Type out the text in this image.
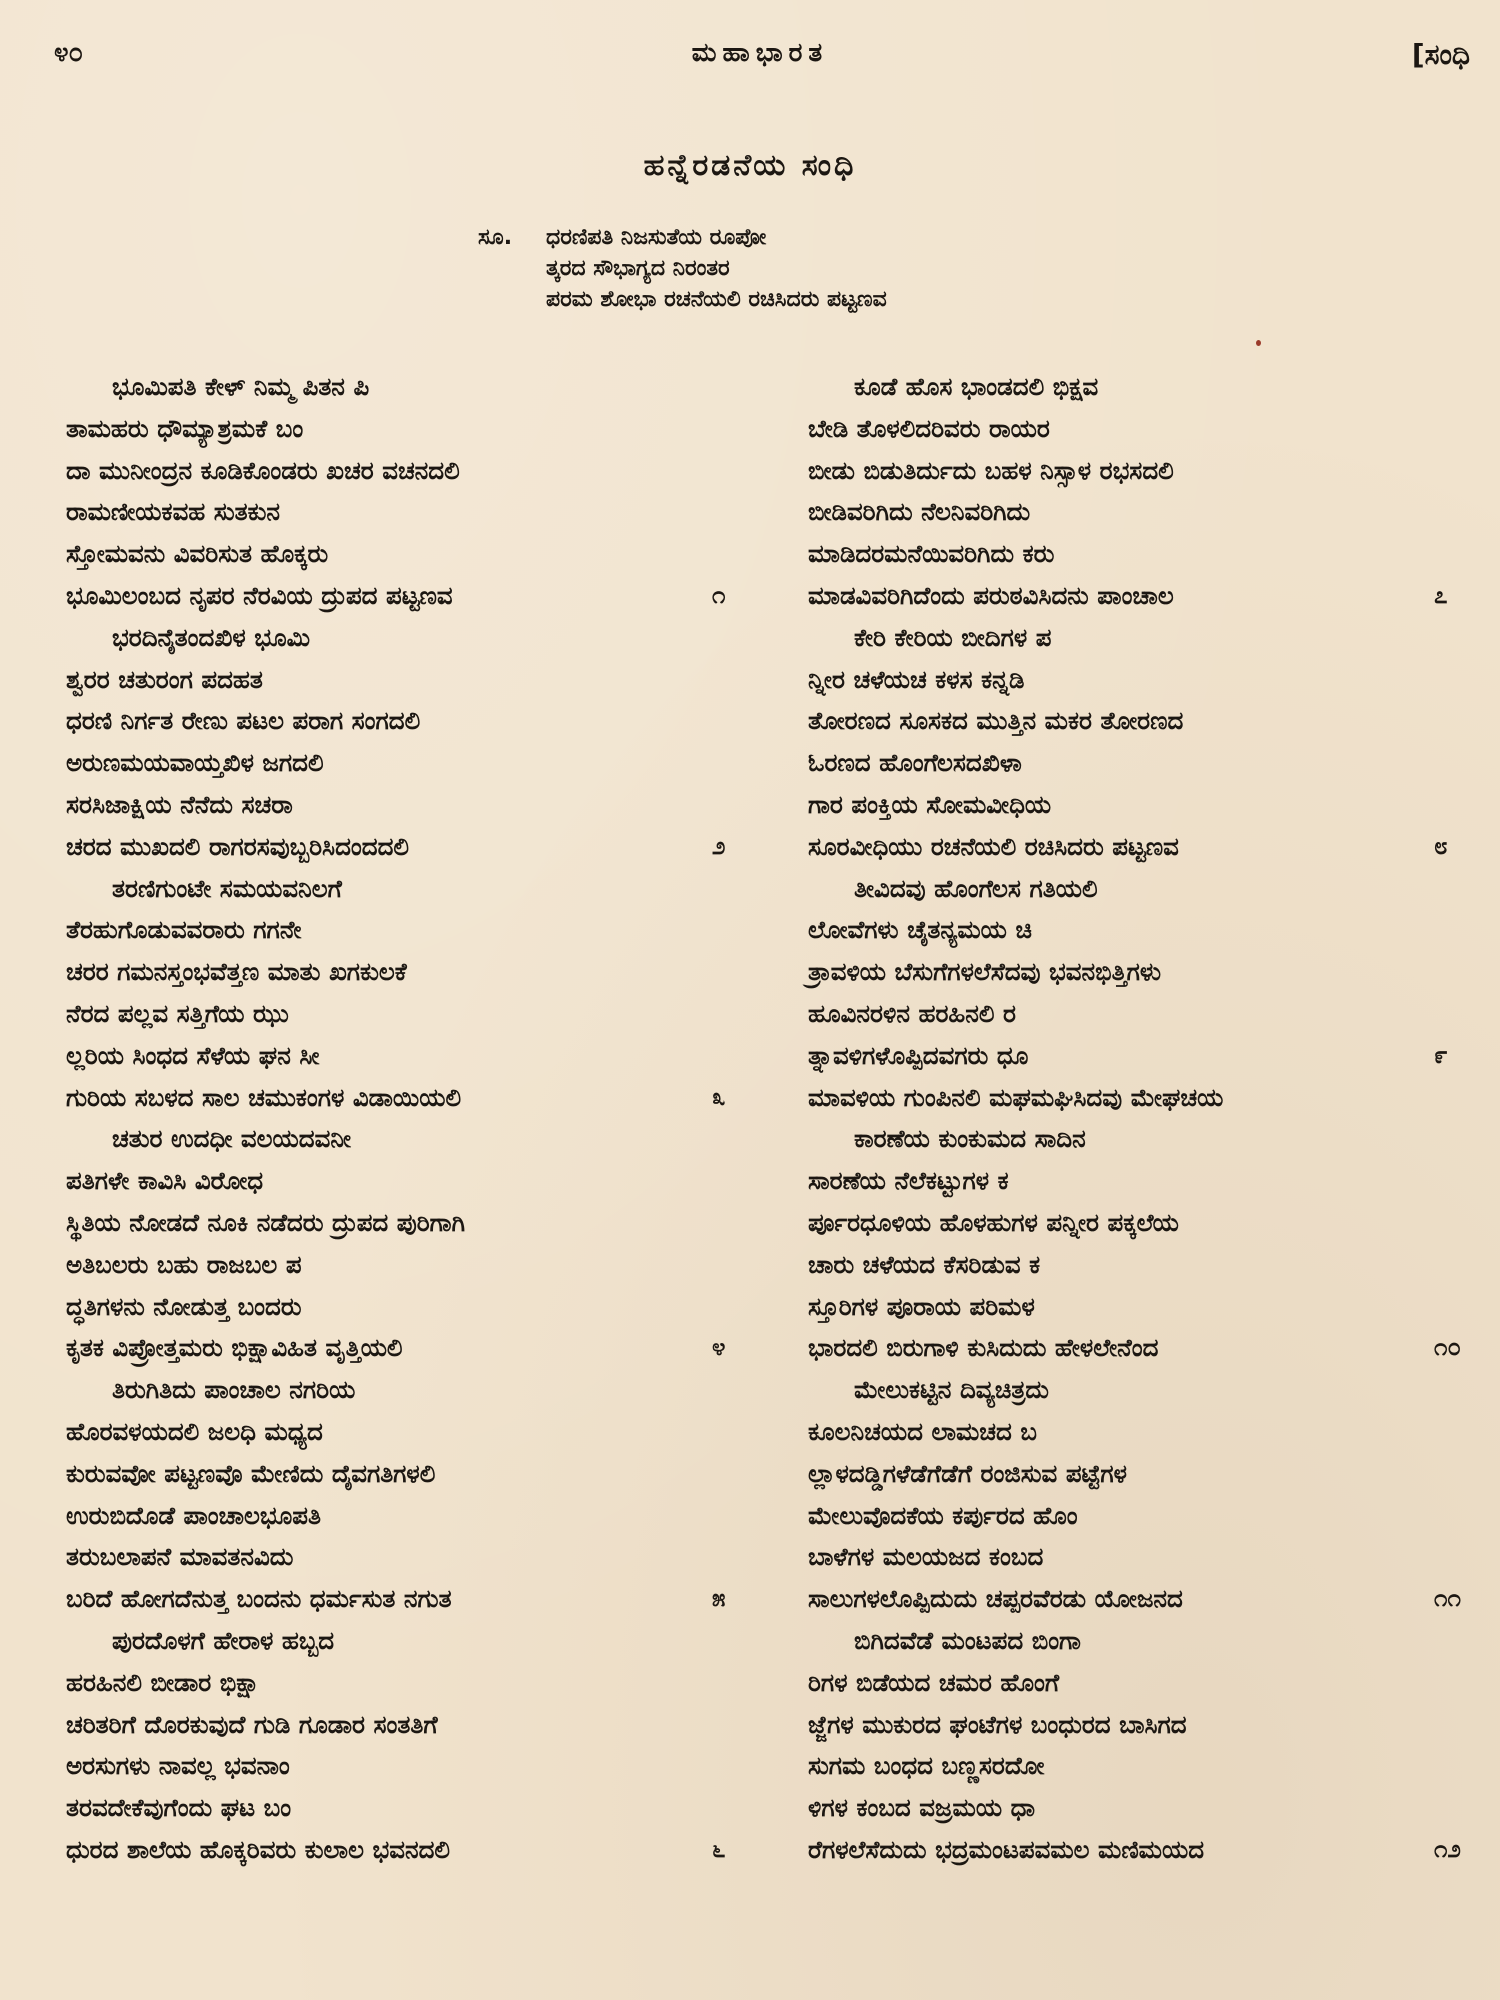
೪೦	ಮಹಾಭಾರತ	[ಸಂಧಿ
ಹನ್ನೆರಡನೆಯ ಸಂಧಿ
ಸೂ.	ಧರಣಿಪತಿ ನಿಜಸುತೆಯ ರೂಪೋ
ತ್ಕರದ ಸೌಭಾಗ್ಯದ ನಿರಂತರ
ಪರಮ ಶೋಭಾ ರಚನೆಯಲಿ ರಚಿಸಿದರು ಪಟ್ಟಣವ
ಭೂಮಿಪತಿ ಕೇಳ್ ನಿಮ್ಮ ಪಿತನ ಪಿ
ತಾಮಹರು ಧೌಮ್ಯಾಶ್ರಮಕೆ ಬಂ
ದಾ ಮುನೀಂದ್ರನ ಕೂಡಿಕೊಂಡರು ಖಚರ ವಚನದಲಿ
ರಾಮಣೀಯಕವಹ ಸುತಕುನ
ಸ್ತೋಮವನು ವಿವರಿಸುತ ಹೊಕ್ಕರು
ಭೂಮಿಲಂಬದ ನೃಪರ ನೆರವಿಯ ದ್ರುಪದ ಪಟ್ಟಣವ	೧
ಭರದಿನೈತಂದಖಿಳ ಭೂಮಿ
ಶ್ವರರ ಚತುರಂಗ ಪದಹತ
ಧರಣಿ ನಿರ್ಗತ ರೇಣು ಪಟಲ ಪರಾಗ ಸಂಗದಲಿ
ಅರುಣಮಯವಾಯ್ತಖಿಳ ಜಗದಲಿ
ಸರಸಿಜಾಕ್ಷಿಯ ನೆನೆದು ಸಚರಾ
ಚರದ ಮುಖದಲಿ ರಾಗರಸವುಬ್ಬರಿಸಿದಂದದಲಿ	೨
ತರಣಿಗುಂಟೇ ಸಮಯವನಿಲಗೆ
ತೆರಹುಗೊಡುವವರಾರು ಗಗನೇ
ಚರರ ಗಮನಸ್ತಂಭವೆತ್ತಣ ಮಾತು ಖಗಕುಲಕೆ
ನೆರದ ಪಲ್ಲವ ಸತ್ತಿಗೆಯ ಝು
ಲ್ಲರಿಯ ಸಿಂಧದ ಸೆಳೆಯ ಘನ ಸೀ
ಗುರಿಯ ಸಬಳದ ಸಾಲ ಚಮುಕಂಗಳ ವಿಡಾಯಿಯಲಿ	೩
ಚತುರ ಉದಧೀ ವಲಯದವನೀ
ಪತಿಗಳೇ ಕಾವಿಸಿ ವಿರೋಧ
ಸ್ಥಿತಿಯ ನೋಡದೆ ನೂಕಿ ನಡೆದರು ದ್ರುಪದ ಪುರಿಗಾಗಿ
ಅತಿಬಲರು ಬಹು ರಾಜಬಲ ಪ
ದ್ಧತಿಗಳನು ನೋಡುತ್ತ ಬಂದರು
ಕೃತಕ ವಿಪ್ರೋತ್ತಮರು ಭಿಕ್ಷಾವಿಹಿತ ವೃತ್ತಿಯಲಿ	೪
ತಿರುಗಿತಿದು ಪಾಂಚಾಲ ನಗರಿಯ
ಹೊರವಳಯದಲಿ ಜಲಧಿ ಮಧ್ಯದ
ಕುರುವವೋ ಪಟ್ಟಣವೊ ಮೇಣಿದು ದೈವಗತಿಗಳಲಿ
ಉರುಬಿದೊಡೆ ಪಾಂಚಾಲಭೂಪತಿ
ತರುಬಲಾಪನೆ ಮಾವತನವಿದು
ಬರಿದೆ ಹೋಗದೆನುತ್ತ ಬಂದನು ಧರ್ಮಸುತ ನಗುತ	೫
ಪುರದೊಳಗೆ ಹೇರಾಳ ಹಬ್ಬದ
ಹರಹಿನಲಿ ಬೀಡಾರ ಭಿಕ್ಷಾ
ಚರಿತರಿಗೆ ದೊರಕುವುದೆ ಗುಡಿ ಗೂಡಾರ ಸಂತತಿಗೆ
ಅರಸುಗಳು ನಾವಲ್ಲ ಭವನಾಂ
ತರವದೇಕೆವುಗೆಂದು ಘಟ ಬಂ
ಧುರದ ಶಾಲೆಯ ಹೊಕ್ಕರಿವರು ಕುಲಾಲ ಭವನದಲಿ	೬
ಕೂಡೆ ಹೊಸ ಭಾಂಡದಲಿ ಭಿಕ್ಷವ
ಬೇಡಿ ತೊಳಲಿದರಿವರು ರಾಯರ
ಬೀಡು ಬಿಡುತಿರ್ದುದು ಬಹಳ ನಿಸ್ಸಾಳ ರಭಸದಲಿ
ಬೀಡಿವರಿಗಿದು ನೆಲನಿವರಿಗಿದು
ಮಾಡಿದರಮನೆಯಿವರಿಗಿದು ಕರು
ಮಾಡವಿವರಿಗಿದೆಂದು ಪರುಠವಿಸಿದನು ಪಾಂಚಾಲ	೭
ಕೇರಿ ಕೇರಿಯ ಬೀದಿಗಳ ಪ
ನ್ನೀರ ಚಳೆಯಚ ಕಳಸ ಕನ್ನಡಿ
ತೋರಣದ ಸೂಸಕದ ಮುತ್ತಿನ ಮಕರ ತೋರಣದ
ಓರಣದ ಹೊಂಗೆಲಸದಖಿಳಾ
ಗಾರ ಪಂಕ್ತಿಯ ಸೋಮವೀಧಿಯ
ಸೂರವೀಧಿಯು ರಚನೆಯಲಿ ರಚಿಸಿದರು ಪಟ್ಟಣವ	೮
ತೀವಿದವು ಹೊಂಗೆಲಸ ಗತಿಯಲಿ
ಲೋವೆಗಳು ಚೈತನ್ಯಮಯ ಚಿ
ತ್ರಾವಳಿಯ ಬೆಸುಗೆಗಳಲೆಸೆದವು ಭವನಭಿತ್ತಿಗಳು
ಹೂವಿನರಳಿನ ಹರಹಿನಲಿ ರ
ತ್ನಾವಳಿಗಳೊಪ್ಪಿದವಗರು ಧೂ	೯
ಮಾವಳಿಯ ಗುಂಪಿನಲಿ ಮಘಮಘಿಸಿದವು ಮೇಘಚಯ
ಕಾರಣೆಯ ಕುಂಕುಮದ ಸಾದಿನ
ಸಾರಣೆಯ ನೆಲೆಕಟ್ಟುಗಳ ಕ
ರ್ಪೂರಧೂಳಿಯ ಹೊಳಹುಗಳ ಪನ್ನೀರ ಪಕ್ಕಲೆಯ
ಚಾರು ಚಳೆಯದ ಕೆಸರಿಡುವ ಕ
ಸ್ತೂರಿಗಳ ಪೂರಾಯ ಪರಿಮಳ
ಭಾರದಲಿ ಬಿರುಗಾಳಿ ಕುಸಿದುದು ಹೇಳಲೇನೆಂದ	೧೦
ಮೇಲುಕಟ್ಟಿನ ದಿವ್ಯಚಿತ್ರದು
ಕೂಲನಿಚಯದ ಲಾಮಚದ ಬ
ಲ್ಲಾಳದಡ್ಡಿಗಳೆಡೆಗೆಡೆಗೆ ರಂಜಿಸುವ ಪಟ್ಟೆಗಳ
ಮೇಲುವೊದಕೆಯ ಕರ್ಪುರದ ಹೊಂ
ಬಾಳೆಗಳ ಮಲಯಜದ ಕಂಬದ
ಸಾಲುಗಳಲೊಪ್ಪಿದುದು ಚಪ್ಪರವೆರಡು ಯೋಜನದ	೧೧
ಬಿಗಿದವೆಡೆ ಮಂಟಪದ ಬಿಂಗಾ
ರಿಗಳ ಬಿಡೆಯದ ಚಮರ ಹೊಂಗೆ
ಜ್ಜೆಗಳ ಮುಕುರದ ಘಂಟೆಗಳ ಬಂಧುರದ ಬಾಸಿಗದ
ಸುಗಮ ಬಂಧದ ಬಣ್ಣಸರದೋ
ಳಿಗಳ ಕಂಬದ ವಜ್ರಮಯ ಧಾ
ರೆಗಳಲೆಸೆದುದು ಭದ್ರಮಂಟಪವಮಲ ಮಣಿಮಯದ	೧೨
